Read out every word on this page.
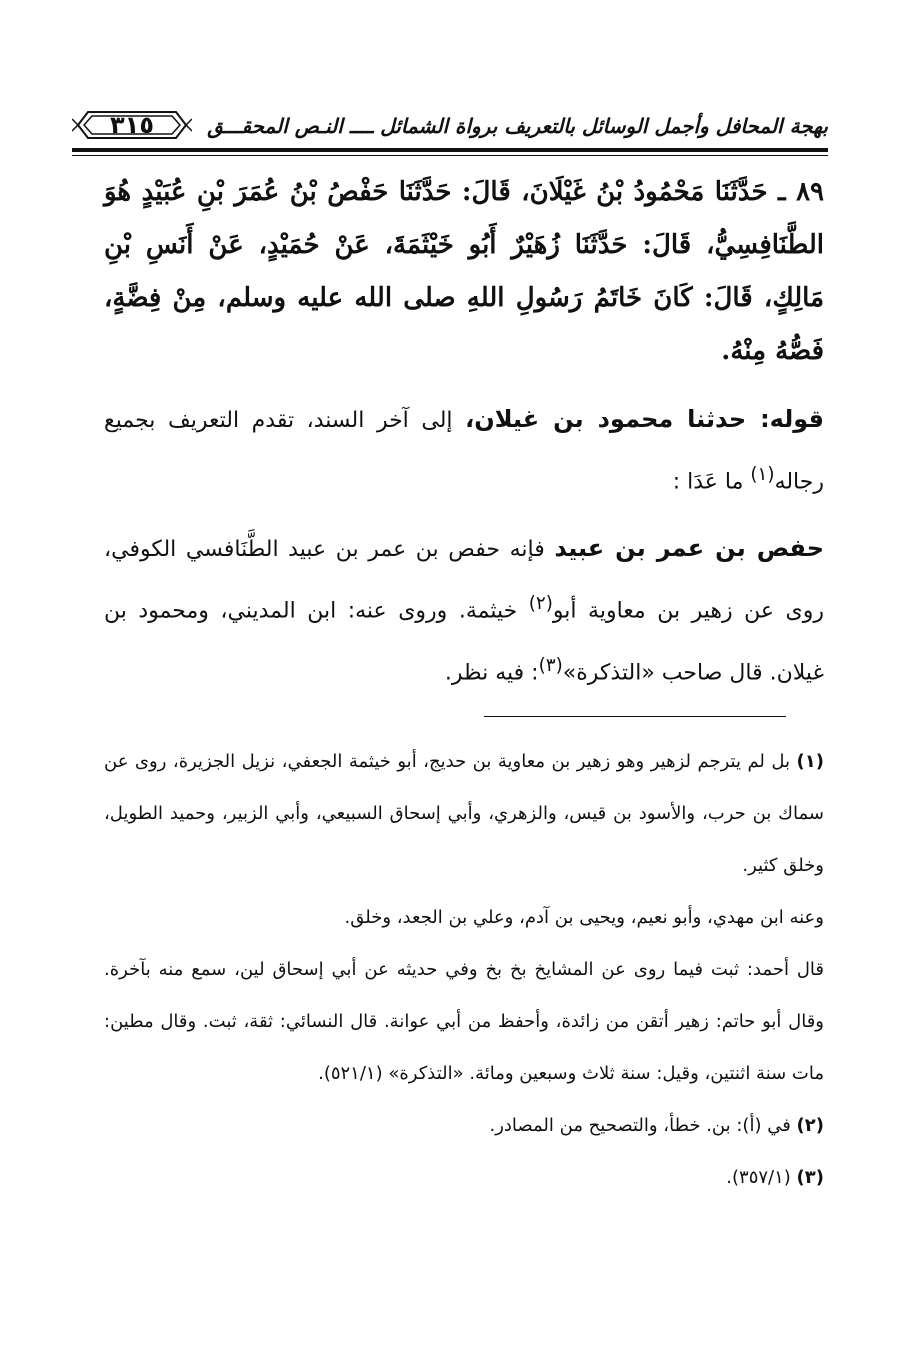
٣١٥	بهجة المحافل وأجمل الوسائل بالتعريف برواة الشمائل ــــ النـص المحقـــق

٨٩ ـ حَدَّثَنَا مَحْمُودُ بْنُ غَيْلَانَ، قَالَ: حَدَّثَنَا حَفْصُ بْنُ عُمَرَ بْنِ عُبَيْدٍ هُوَ الطَّنَافِسِيُّ، قَالَ: حَدَّثَنَا زُهَيْرٌ أَبُو خَيْثَمَةَ، عَنْ حُمَيْدٍ، عَنْ أَنَسِ بْنِ مَالِكٍ، قَالَ: كَانَ خَاتَمُ رَسُولِ اللهِ صلى الله عليه وسلم، مِنْ فِضَّةٍ، فَصُّهُ مِنْهُ.

قوله: حدثنا محمود بن غيلان، إلى آخر السند، تقدم التعريف بجميع رجاله$^{(١)}$ ما عَدَا :

حفص بن عمر بن عبيد فإنه حفص بن عمر بن عبيد الطَّنَافسي الكوفي، روى عن زهير بن معاوية أبو$^{(٢)}$ خيثمة. وروى عنه: ابن المديني، ومحمود بن غيلان. قال صاحب «التذكرة»$^{(٣)}$: فيه نظر.

(١) بل لم يترجم لزهير وهو زهير بن معاوية بن حديج، أبو خيثمة الجعفي، نزيل الجزيرة، روى عن سماك بن حرب، والأسود بن قيس، والزهري، وأبي إسحاق السبيعي، وأبي الزبير، وحميد الطويل، وخلق كثير.

وعنه ابن مهدي، وأبو نعيم، ويحيى بن آدم، وعلي بن الجعد، وخلق.

قال أحمد: ثبت فيما روى عن المشايخ بخ بخ وفي حديثه عن أبي إسحاق لين، سمع منه بآخرة. وقال أبو حاتم: زهير أتقن من زائدة، وأحفظ من أبي عوانة. قال النسائي: ثقة، ثبت. وقال مطين: مات سنة اثنتين، وقيل: سنة ثلاث وسبعين ومائة. «التذكرة» (٥٢١/١).

(٢) في (أ): بن. خطأ، والتصحيح من المصادر.

(٣) (٣٥٧/١).
